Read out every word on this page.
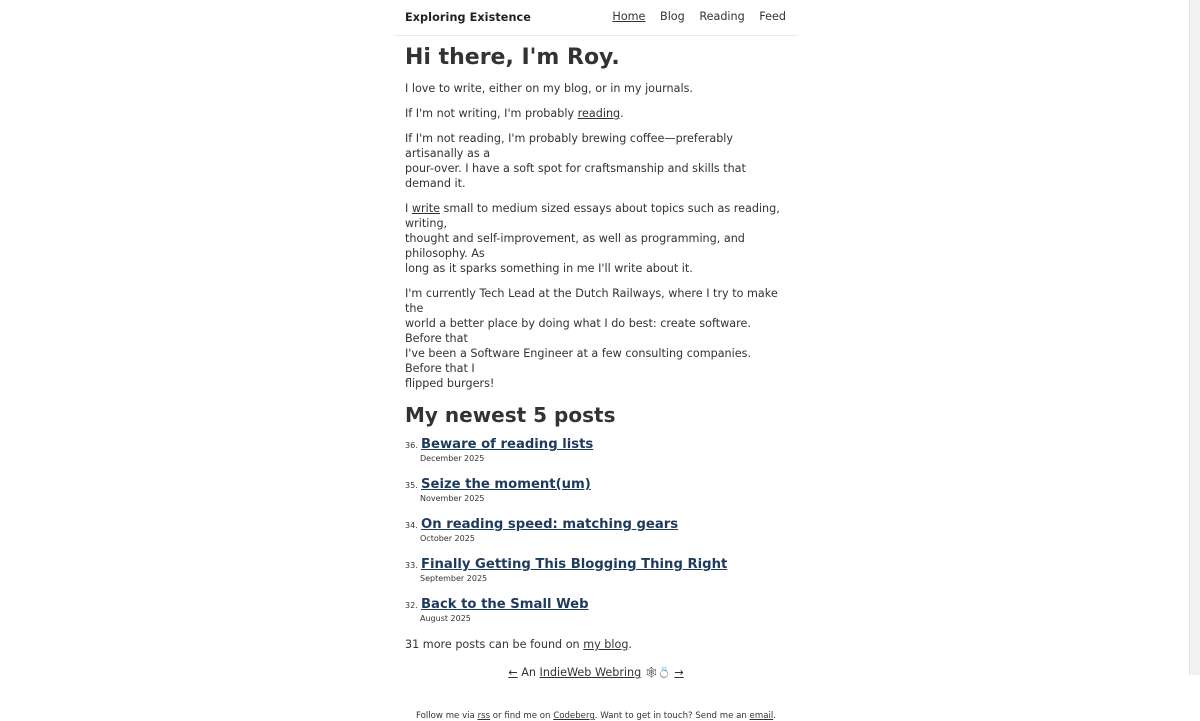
Exploring Existence	Home Blog Reading Feed
Hi there, I'm Roy.

I love to write, either on my blog, or in my journals.

If I'm not writing, I'm probably reading.

If I'm not reading, I'm probably brewing coffee—preferably artisanally as a
pour-over. I have a soft spot for craftsmanship and skills that demand it.

I write small to medium sized essays about topics such as reading, writing,
thought and self-improvement, as well as programming, and philosophy. As
long as it sparks something in me I'll write about it.

I'm currently Tech Lead at the Dutch Railways, where I try to make the
world a better place by doing what I do best: create software. Before that
I've been a Software Engineer at a few consulting companies. Before that I
flipped burgers!

My newest 5 posts
36. Beware of reading lists
December 2025
35. Seize the moment(um)
November 2025
34. On reading speed: matching gears
October 2025
33. Finally Getting This Blogging Thing Right
September 2025
32. Back to the Small Web
August 2025

31 more posts can be found on my blog.

← An IndieWeb Webring 🕸💍 →
Follow me via rss or find me on Codeberg. Want to get in touch? Send me an email.
